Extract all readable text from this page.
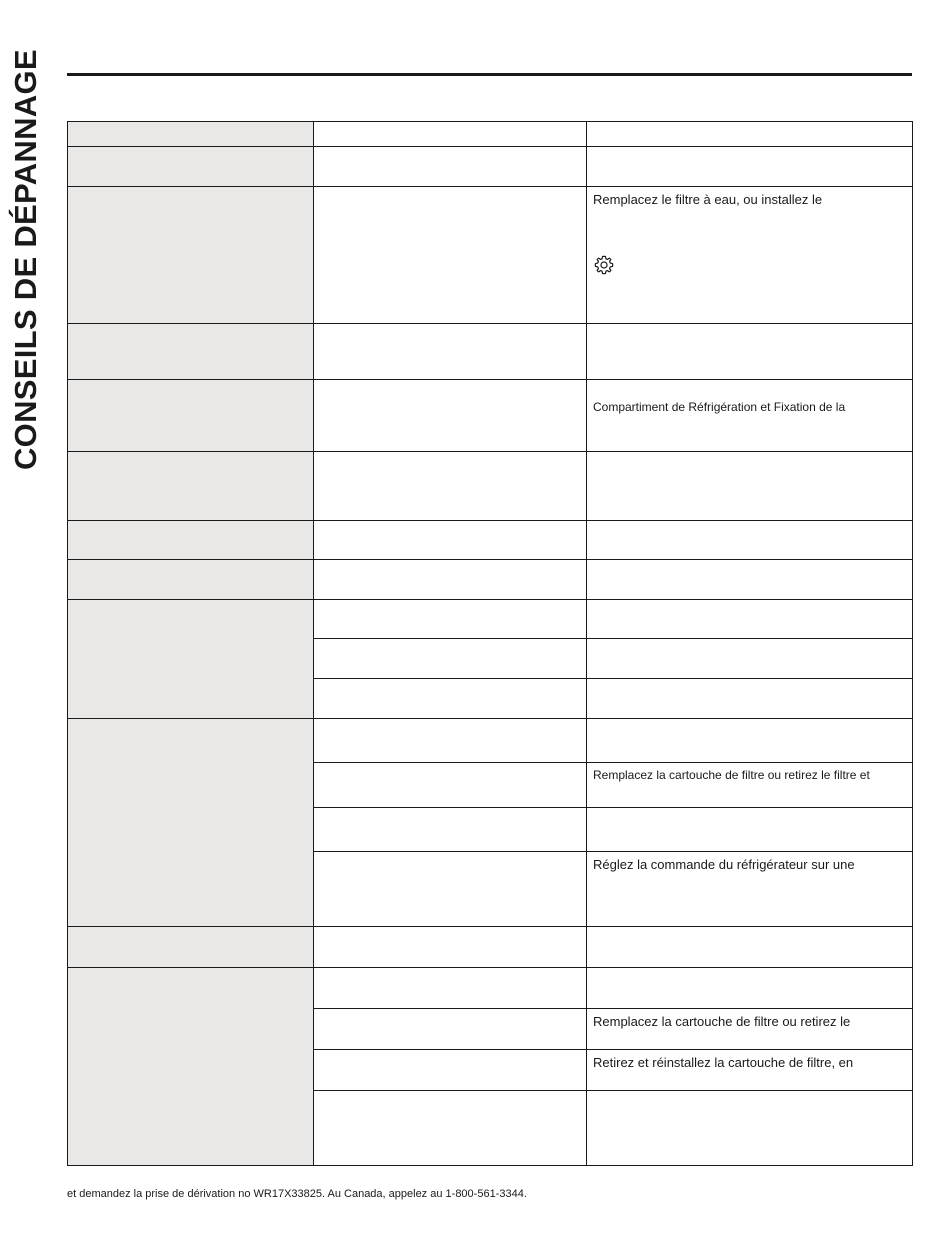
CONSEILS DE DÉPANNAGE

		Remplacez le filtre à eau, ou installez le

		Compartiment de Réfrigération et Fixation de la

		Remplacez la cartouche de filtre ou retirez le filtre et

		Réglez la commande du réfrigérateur sur une

		Remplacez la cartouche de filtre ou retirez le

		Retirez et réinstallez la cartouche de filtre, en

et demandez la prise de dérivation no WR17X33825. Au Canada, appelez au 1-800-561-3344.
